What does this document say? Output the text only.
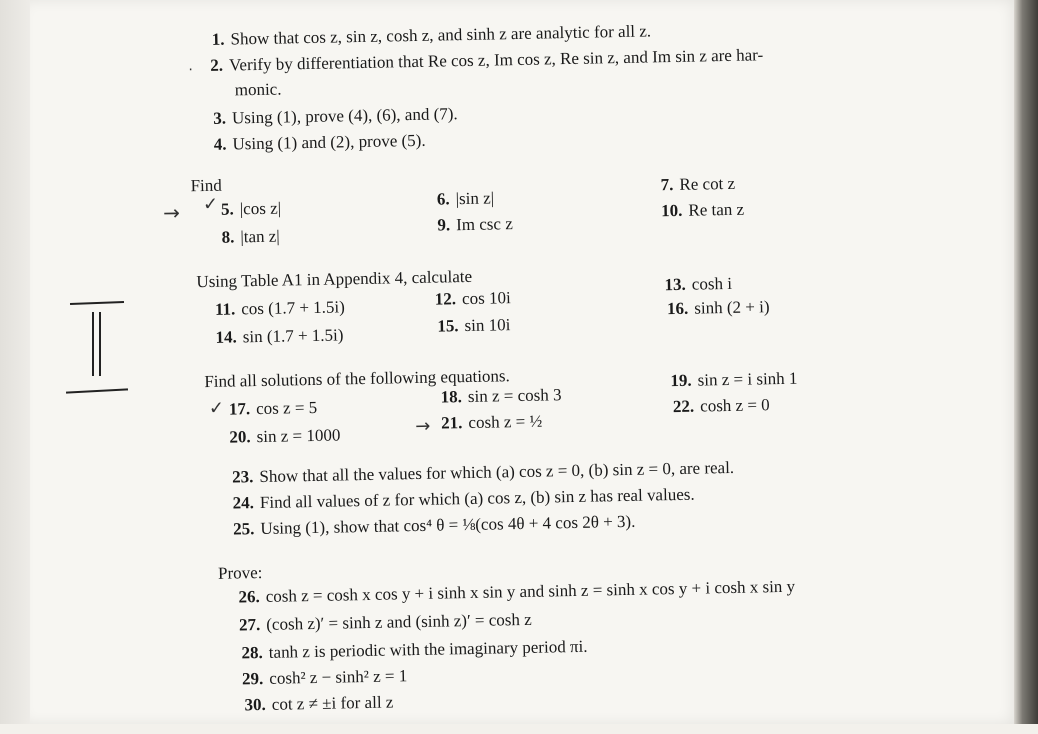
1. Show that cos z, sin z, cosh z, and sinh z are analytic for all z.
2. Verify by differentiation that Re cos z, Im cos z, Re sin z, and Im sin z are har-
monic.
3. Using (1), prove (4), (6), and (7).
4. Using (1) and (2), prove (5).
Find
5. |cos z|	6. |sin z|
7. Re cot z
8. |tan z|
9. Im csc z
10. Re tan z
Using Table A1 in Appendix 4, calculate
11. cos (1.7 + 1.5i)	12. cos 10i
13. cosh i
14. sin (1.7 + 1.5i)	15. sin 10i
16. sinh (2 + i)
Find all solutions of the following equations.
17. cos z = 5
18. sin z = cosh 3
19. sin z = i sinh 1
20. sin z = 1000
21. cosh z = ½
22. cosh z = 0
23. Show that all the values for which (a) cos z = 0, (b) sin z = 0, are real.
24. Find all values of z for which (a) cos z, (b) sin z has real values.
25. Using (1), show that cos⁴ θ = ⅛(cos 4θ + 4 cos 2θ + 3).
Prove:
26. cosh z = cosh x cos y + i sinh x sin y and sinh z = sinh x cos y + i cosh x sin y
27. (cosh z)′ = sinh z and (sinh z)′ = cosh z
28. tanh z is periodic with the imaginary period πi.
29. cosh² z − sinh² z = 1
30. cot z ≠ ±i for all z
·
→ ✓
✓
→
